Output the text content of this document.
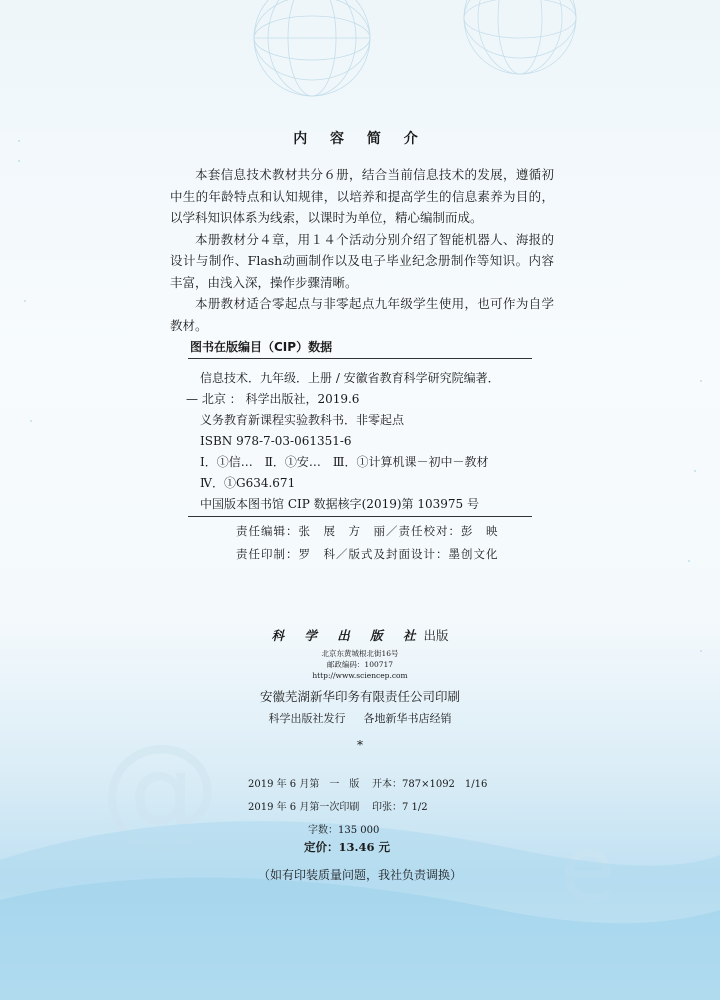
@
e
内 容 简 介

本套信息技术教材共分６册，结合当前信息技术的发展，遵循初中生的年龄特点和认知规律，以培养和提高学生的信息素养为目的，以学科知识体系为线索，以课时为单位，精心编制而成。

本册教材分４章，用１４个活动分别介绍了智能机器人、海报的设计与制作、Flash动画制作以及电子毕业纪念册制作等知识。内容丰富，由浅入深，操作步骤清晰。

本册教材适合零起点与非零起点九年级学生使用，也可作为自学教材。

图书在版编目（CIP）数据
信息技术．九年级．上册 / 安徽省教育科学研究院编著．
— 北京 ： 科学出版社，2019.6
义务教育新课程实验教科书．非零起点
ISBN 978-7-03-061351-6
Ⅰ．①信…　Ⅱ．①安…　Ⅲ．①计算机课－初中－教材
Ⅳ．①G634.671
中国版本图书馆 CIP 数据核字(2019)第 103975 号
责任编辑：张　展　方　丽／责任校对：彭　映
责任印制：罗　科／版式及封面设计：墨创文化
科 学 出 版 社出版
北京东黄城根北街16号
邮政编码：100717
http://www.sciencep.com
安徽芜湖新华印务有限责任公司印刷
科学出版社发行 各地新华书店经销
*
2019 年 6 月第　一　版 开本：787×1092　1/16
2019 年 6 月第一次印刷 印张：7 1/2
字数：135 000
定价：13.46 元
（如有印装质量问题，我社负责调换）
